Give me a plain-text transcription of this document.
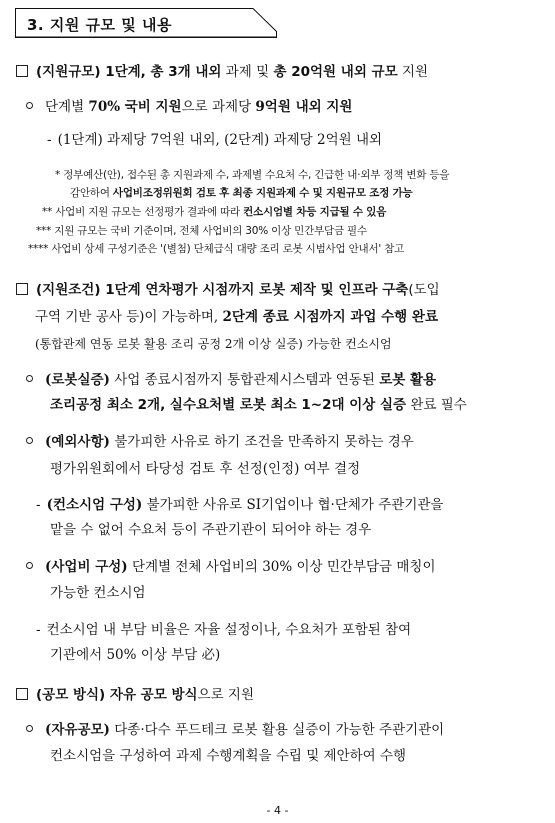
3. 지원 규모 및 내용
(지원규모) 1단계, 총 3개 내외 과제 및 총 20억원 내외 규모 지원
단계별 70% 국비 지원으로 과제당 9억원 내외 지원
- (1단계) 과제당 7억원 내외, (2단계) 과제당 2억원 내외
* 정부예산(안), 접수된 총 지원과제 수, 과제별 수요처 수, 긴급한 내·외부 정책 변화 등을
감안하여 사업비조정위원회 검토 후 최종 지원과제 수 및 지원규모 조정 가능
** 사업비 지원 규모는 선정평가 결과에 따라 컨소시엄별 차등 지급될 수 있음
*** 지원 규모는 국비 기준이며, 전체 사업비의 30% 이상 민간부담금 필수
**** 사업비 상세 구성기준은 '(별첨) 단체급식 대량 조리 로봇 시범사업 안내서' 참고
(지원조건) 1단계 연차평가 시점까지 로봇 제작 및 인프라 구축(도입
구역 기반 공사 등)이 가능하며, 2단계 종료 시점까지 과업 수행 완료
(통합관제 연동 로봇 활용 조리 공정 2개 이상 실증) 가능한 컨소시엄
(로봇실증) 사업 종료시점까지 통합관제시스템과 연동된 로봇 활용
조리공정 최소 2개, 실수요처별 로봇 최소 1~2대 이상 실증 완료 필수
(예외사항) 불가피한 사유로 하기 조건을 만족하지 못하는 경우
평가위원회에서 타당성 검토 후 선정(인정) 여부 결정
- (컨소시엄 구성) 불가피한 사유로 SI기업이나 협·단체가 주관기관을
맡을 수 없어 수요처 등이 주관기관이 되어야 하는 경우
(사업비 구성) 단계별 전체 사업비의 30% 이상 민간부담금 매칭이
가능한 컨소시엄
- 컨소시엄 내 부담 비율은 자율 설정이나, 수요처가 포함된 참여
기관에서 50% 이상 부담 必)
(공모 방식) 자유 공모 방식으로 지원
(자유공모) 다종·다수 푸드테크 로봇 활용 실증이 가능한 주관기관이
컨소시엄을 구성하여 과제 수행계획을 수립 및 제안하여 수행
- 4 -
